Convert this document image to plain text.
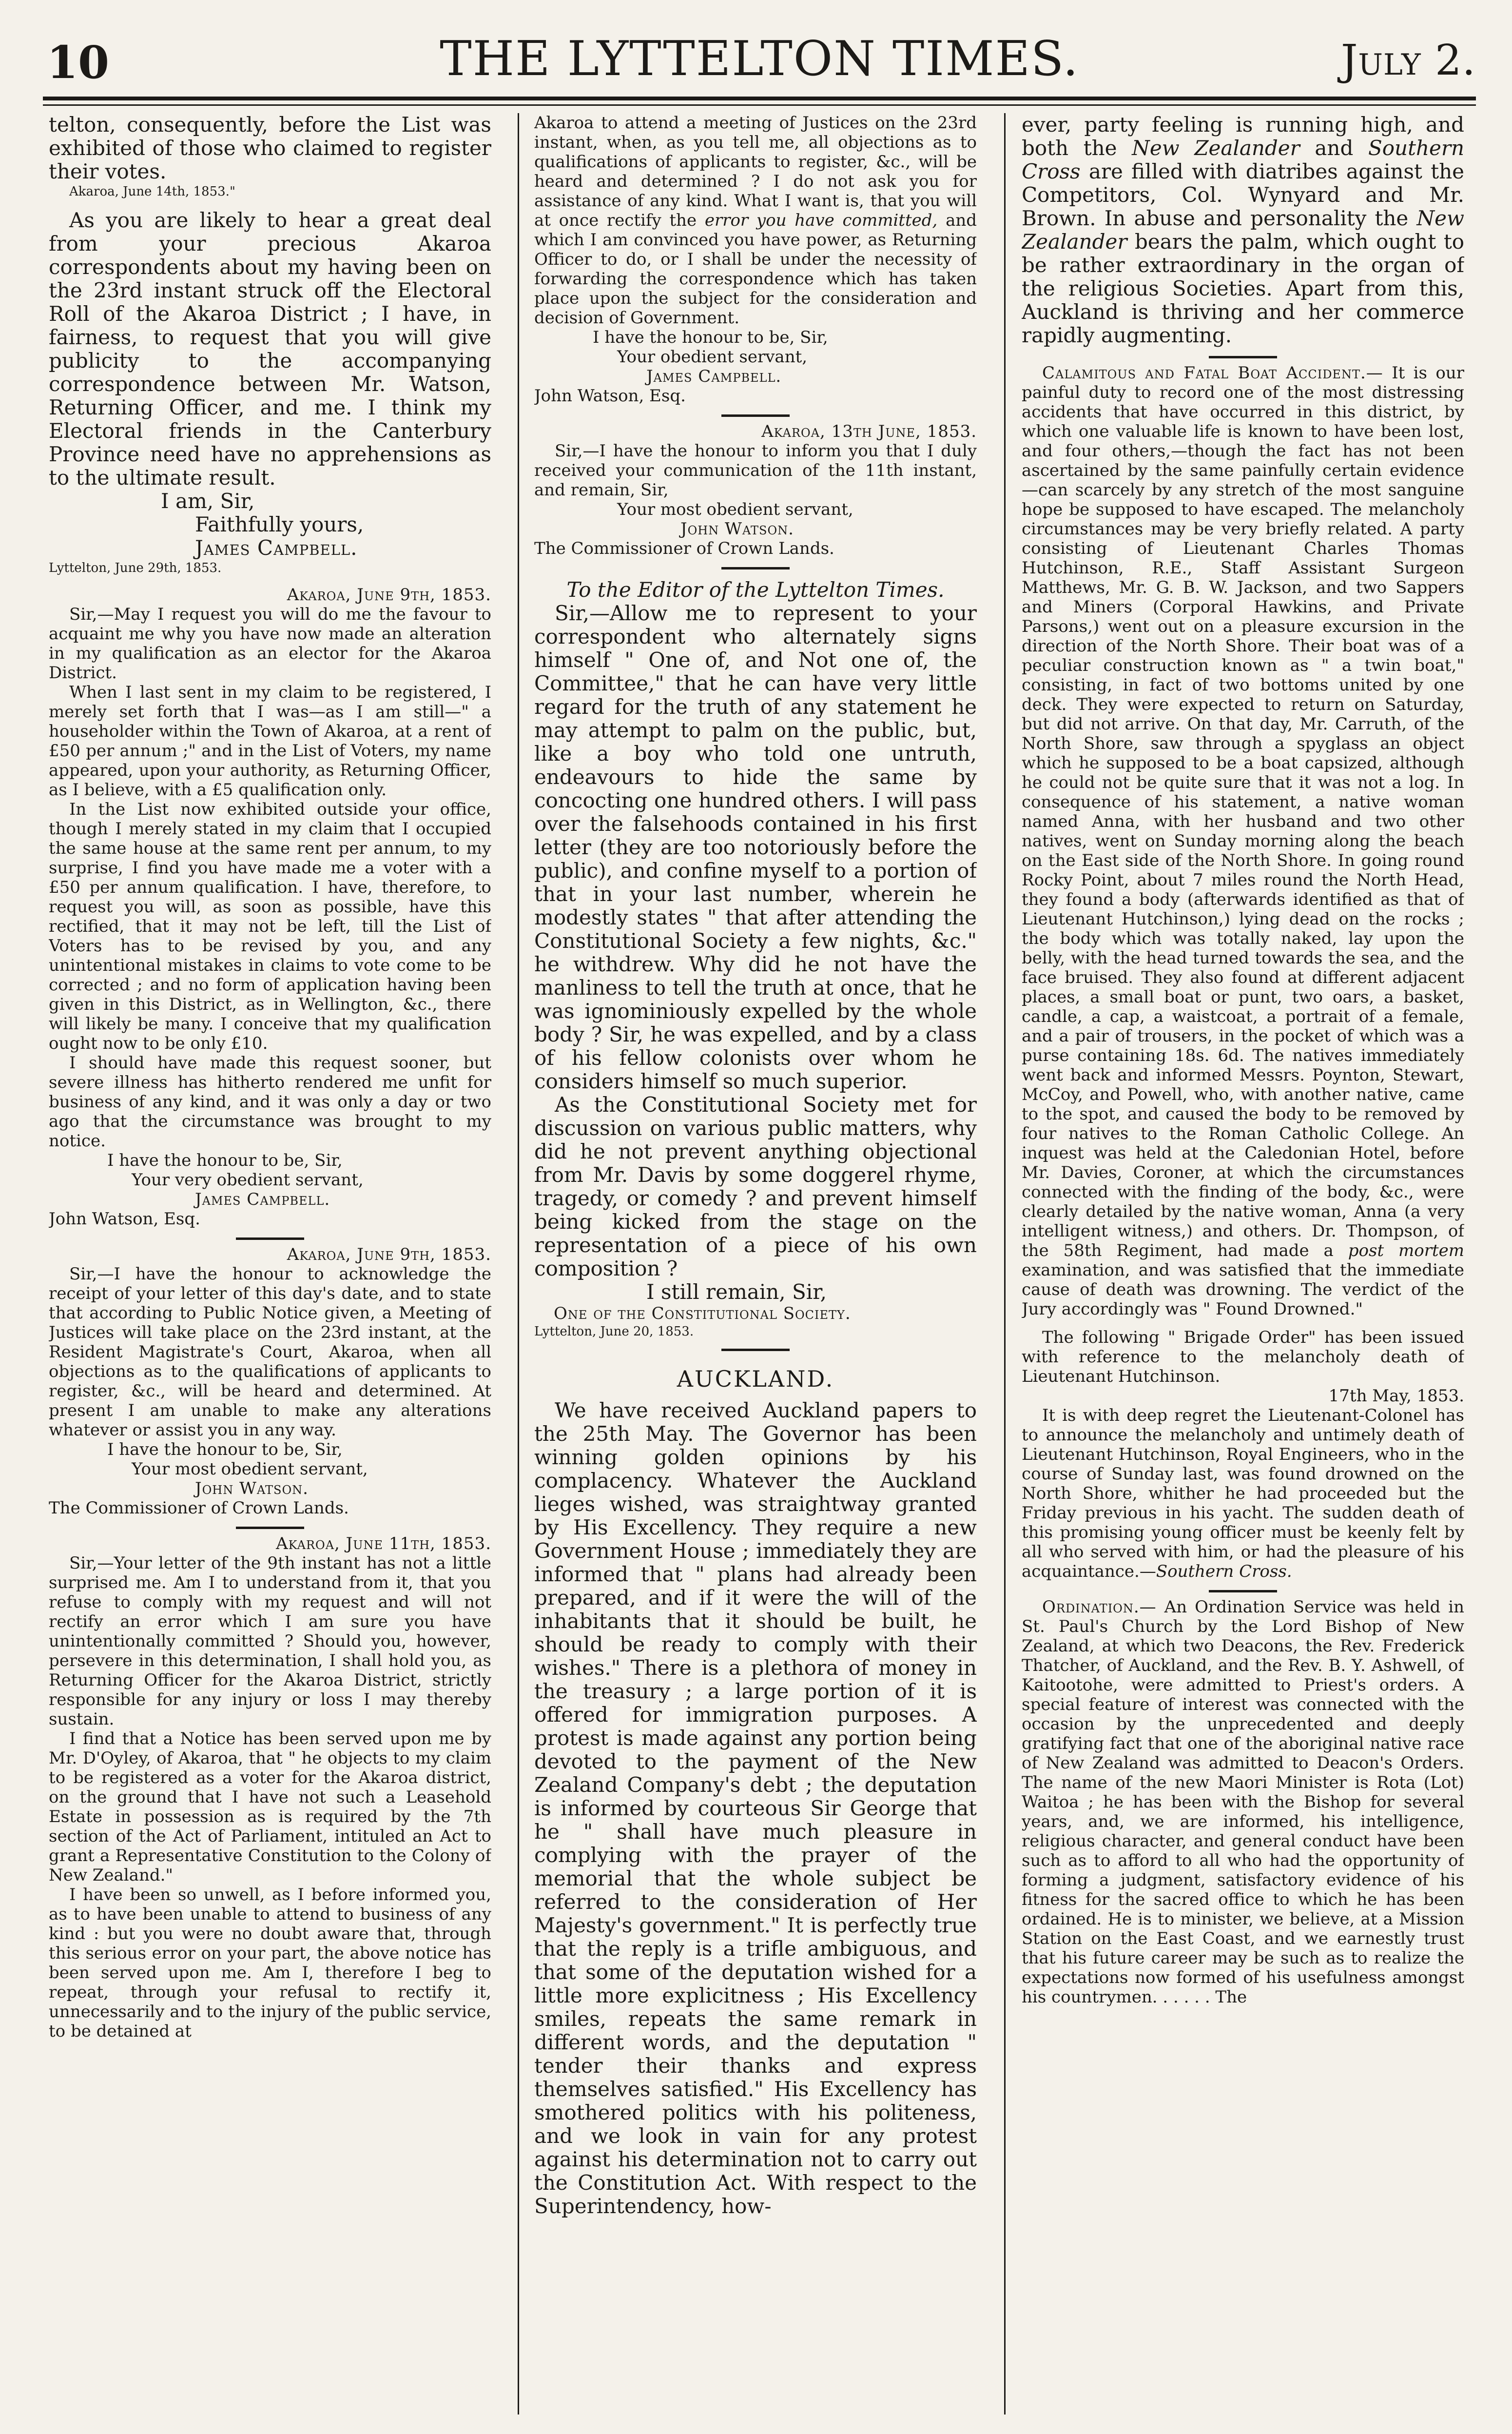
10	THE LYTTELTON TIMES.	July 2.

telton, consequently, before the List was exhibited of those who claimed to register their votes.

Akaroa, June 14th, 1853."

As you are likely to hear a great deal from your precious Akaroa correspondents about my having been on the 23rd instant struck off the Electoral Roll of the Akaroa District ; I have, in fairness, to request that you will give publicity to the accompanying correspondence between Mr. Watson, Returning Officer, and me. I think my Electoral friends in the Canterbury Province need have no apprehensions as to the ultimate result.

I am, Sir,

Faithfully yours,

James Campbell.

Lyttelton, June 29th, 1853.

Akaroa, June 9th, 1853.

Sir,—May I request you will do me the favour to acquaint me why you have now made an alteration in my qualification as an elector for the Akaroa District.

When I last sent in my claim to be registered, I merely set forth that I was—as I am still—" a householder within the Town of Akaroa, at a rent of £50 per annum ;" and in the List of Voters, my name appeared, upon your authority, as Returning Officer, as I believe, with a £5 qualification only.

In the List now exhibited outside your office, though I merely stated in my claim that I occupied the same house at the same rent per annum, to my surprise, I find you have made me a voter with a £50 per annum qualification. I have, therefore, to request you will, as soon as possible, have this rectified, that it may not be left, till the List of Voters has to be revised by you, and any unintentional mistakes in claims to vote come to be corrected ; and no form of application having been given in this District, as in Wellington, &c., there will likely be many. I conceive that my qualification ought now to be only £10.

I should have made this request sooner, but severe illness has hitherto rendered me unfit for business of any kind, and it was only a day or two ago that the circumstance was brought to my notice.

I have the honour to be, Sir,

Your very obedient servant,

James Campbell.

John Watson, Esq.

Akaroa, June 9th, 1853.

Sir,—I have the honour to acknowledge the receipt of your letter of this day's date, and to state that according to Public Notice given, a Meeting of Justices will take place on the 23rd instant, at the Resident Magistrate's Court, Akaroa, when all objections as to the qualifications of applicants to register, &c., will be heard and determined. At present I am unable to make any alterations whatever or assist you in any way.

I have the honour to be, Sir,

Your most obedient servant,

John Watson.

The Commissioner of Crown Lands.

Akaroa, June 11th, 1853.

Sir,—Your letter of the 9th instant has not a little surprised me. Am I to understand from it, that you refuse to comply with my request and will not rectify an error which I am sure you have unintentionally committed ? Should you, however, persevere in this determination, I shall hold you, as Returning Officer for the Akaroa District, strictly responsible for any injury or loss I may thereby sustain.

I find that a Notice has been served upon me by Mr. D'Oyley, of Akaroa, that " he objects to my claim to be registered as a voter for the Akaroa district, on the ground that I have not such a Leasehold Estate in possession as is required by the 7th section of the Act of Parliament, intituled an Act to grant a Representative Constitution to the Colony of New Zealand."

I have been so unwell, as I before informed you, as to have been unable to attend to business of any kind : but you were no doubt aware that, through this serious error on your part, the above notice has been served upon me. Am I, therefore I beg to repeat, through your refusal to rectify it, unnecessarily and to the injury of the public service, to be detained at

Akaroa to attend a meeting of Justices on the 23rd instant, when, as you tell me, all objections as to qualifications of applicants to register, &c., will be heard and determined ? I do not ask you for assistance of any kind. What I want is, that you will at once rectify the error you have committed, and which I am convinced you have power, as Returning Officer to do, or I shall be under the necessity of forwarding the correspondence which has taken place upon the subject for the consideration and decision of Government.

I have the honour to be, Sir,

Your obedient servant,

James Campbell.

John Watson, Esq.

Akaroa, 13th June, 1853.

Sir,—I have the honour to inform you that I duly received your communication of the 11th instant, and remain, Sir,

Your most obedient servant,

John Watson.

The Commissioner of Crown Lands.

To the Editor of the Lyttelton Times.

Sir,—Allow me to represent to your correspondent who alternately signs himself " One of, and Not one of, the Committee," that he can have very little regard for the truth of any statement he may attempt to palm on the public, but, like a boy who told one untruth, endeavours to hide the same by concocting one hundred others. I will pass over the falsehoods contained in his first letter (they are too notoriously before the public), and confine myself to a portion of that in your last number, wherein he modestly states " that after attending the Constitutional Society a few nights, &c." he withdrew. Why did he not have the manliness to tell the truth at once, that he was ignominiously expelled by the whole body ? Sir, he was expelled, and by a class of his fellow colonists over whom he considers himself so much superior.

As the Constitutional Society met for discussion on various public matters, why did he not prevent anything objectional from Mr. Davis by some doggerel rhyme, tragedy, or comedy ? and prevent himself being kicked from the stage on the representation of a piece of his own composition ?

I still remain, Sir,

One of the Constitutional Society.

Lyttelton, June 20, 1853.

AUCKLAND.

We have received Auckland papers to the 25th May. The Governor has been winning golden opinions by his complacency. Whatever the Auckland lieges wished, was straightway granted by His Excellency. They require a new Government House ; immediately they are informed that " plans had already been prepared, and if it were the will of the inhabitants that it should be built, he should be ready to comply with their wishes." There is a plethora of money in the treasury ; a large portion of it is offered for immigration purposes. A protest is made against any portion being devoted to the payment of the New Zealand Company's debt ; the deputation is informed by courteous Sir George that he " shall have much pleasure in complying with the prayer of the memorial that the whole subject be referred to the consideration of Her Majesty's government." It is perfectly true that the reply is a trifle ambiguous, and that some of the deputation wished for a little more explicitness ; His Excellency smiles, repeats the same remark in different words, and the deputation " tender their thanks and express themselves satisfied." His Excellency has smothered politics with his politeness, and we look in vain for any protest against his determination not to carry out the Constitution Act. With respect to the Superintendency, how-

ever, party feeling is running high, and both the New Zealander and Southern Cross are filled with diatribes against the Competitors, Col. Wynyard and Mr. Brown. In abuse and personality the New Zealander bears the palm, which ought to be rather extraordinary in the organ of the religious Societies. Apart from this, Auckland is thriving and her commerce rapidly augmenting.

Calamitous and Fatal Boat Accident.— It is our painful duty to record one of the most distressing accidents that have occurred in this district, by which one valuable life is known to have been lost, and four others,—though the fact has not been ascertained by the same painfully certain evidence—can scarcely by any stretch of the most sanguine hope be supposed to have escaped. The melancholy circumstances may be very briefly related. A party consisting of Lieutenant Charles Thomas Hutchinson, R.E., Staff Assistant Surgeon Matthews, Mr. G. B. W. Jackson, and two Sappers and Miners (Corporal Hawkins, and Private Parsons,) went out on a pleasure excursion in the direction of the North Shore. Their boat was of a peculiar construction known as " a twin boat," consisting, in fact of two bottoms united by one deck. They were expected to return on Saturday, but did not arrive. On that day, Mr. Carruth, of the North Shore, saw through a spyglass an object which he supposed to be a boat capsized, although he could not be quite sure that it was not a log. In consequence of his statement, a native woman named Anna, with her husband and two other natives, went on Sunday morning along the beach on the East side of the North Shore. In going round Rocky Point, about 7 miles round the North Head, they found a body (afterwards identified as that of Lieutenant Hutchinson,) lying dead on the rocks ; the body which was totally naked, lay upon the belly, with the head turned towards the sea, and the face bruised. They also found at different adjacent places, a small boat or punt, two oars, a basket, candle, a cap, a waistcoat, a portrait of a female, and a pair of trousers, in the pocket of which was a purse containing 18s. 6d. The natives immediately went back and informed Messrs. Poynton, Stewart, McCoy, and Powell, who, with another native, came to the spot, and caused the body to be removed by four natives to the Roman Catholic College. An inquest was held at the Caledonian Hotel, before Mr. Davies, Coroner, at which the circumstances connected with the finding of the body, &c., were clearly detailed by the native woman, Anna (a very intelligent witness,) and others. Dr. Thompson, of the 58th Regiment, had made a post mortem examination, and was satisfied that the immediate cause of death was drowning. The verdict of the Jury accordingly was " Found Drowned."

The following " Brigade Order" has been issued with reference to the melancholy death of Lieutenant Hutchinson.

17th May, 1853.

It is with deep regret the Lieutenant-Colonel has to announce the melancholy and untimely death of Lieutenant Hutchinson, Royal Engineers, who in the course of Sunday last, was found drowned on the North Shore, whither he had proceeded but the Friday previous in his yacht. The sudden death of this promising young officer must be keenly felt by all who served with him, or had the pleasure of his acquaintance.—Southern Cross.

Ordination.— An Ordination Service was held in St. Paul's Church by the Lord Bishop of New Zealand, at which two Deacons, the Rev. Frederick Thatcher, of Auckland, and the Rev. B. Y. Ashwell, of Kaitootohe, were admitted to Priest's orders. A special feature of interest was connected with the occasion by the unprecedented and deeply gratifying fact that one of the aboriginal native race of New Zealand was admitted to Deacon's Orders. The name of the new Maori Minister is Rota (Lot) Waitoa ; he has been with the Bishop for several years, and, we are informed, his intelligence, religious character, and general conduct have been such as to afford to all who had the opportunity of forming a judgment, satisfactory evidence of his fitness for the sacred office to which he has been ordained. He is to minister, we believe, at a Mission Station on the East Coast, and we earnestly trust that his future career may be such as to realize the expectations now formed of his usefulness amongst his countrymen. . . . . . The
